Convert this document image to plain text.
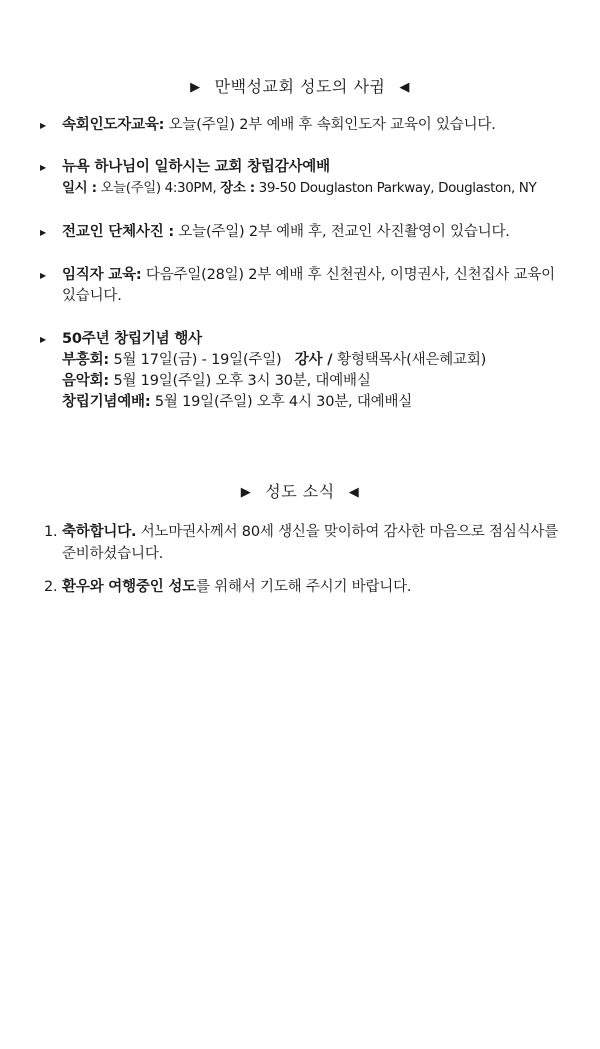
▶ 만백성교회 성도의 사귐 ◀
▶ 속회인도자교육: 오늘(주일) 2부 예배 후 속회인도자 교육이 있습니다.
▶ 뉴욕 하나님이 일하시는 교회 창립감사예배
일시 : 오늘(주일) 4:30PM, 장소 : 39-50 Douglaston Parkway, Douglaston, NY
▶ 전교인 단체사진 : 오늘(주일) 2부 예배 후, 전교인 사진촬영이 있습니다.
▶ 임직자 교육: 다음주일(28일) 2부 예배 후 신천권사, 이명권사, 신천집사 교육이 있습니다.
▶ 50주년 창립기념 행사
부흥회: 5월 17일(금) - 19일(주일)   강사 / 황형택목사(새은혜교회)
음악회: 5월 19일(주일) 오후 3시 30분, 대예배실
창립기념예배: 5월 19일(주일) 오후 4시 30분, 대예배실
▶ 성도 소식 ◀
1. 축하합니다. 서노마권사께서 80세 생신을 맞이하여 감사한 마음으로 점심식사를 준비하셨습니다.
2. 환우와 여행중인 성도를 위해서 기도해 주시기 바랍니다.
